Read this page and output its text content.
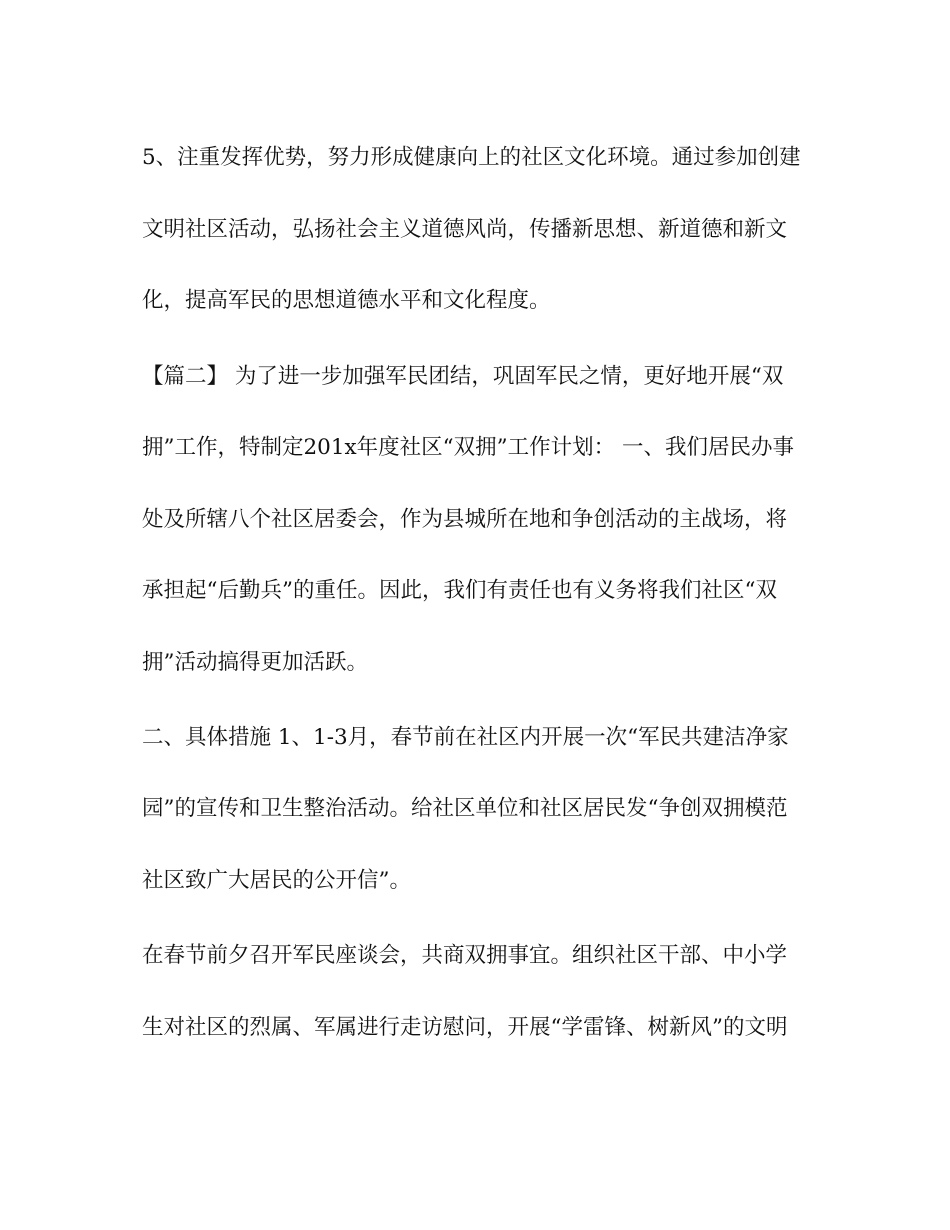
5、注重发挥优势，努力形成健康向上的社区文化环境。通过参加创建
文明社区活动，弘扬社会主义道德风尚，传播新思想、新道德和新文
化，提高军民的思想道德水平和文化程度。
【篇二】 为了进一步加强军民团结，巩固军民之情，更好地开展“双
拥”工作，特制定201x年度社区“双拥”工作计划： 一、我们居民办事
处及所辖八个社区居委会，作为县城所在地和争创活动的主战场，将
承担起“后勤兵”的重任。因此，我们有责任也有义务将我们社区“双
拥”活动搞得更加活跃。
二、具体措施 1、1-3月，春节前在社区内开展一次“军民共建洁净家
园”的宣传和卫生整治活动。给社区单位和社区居民发“争创双拥模范
社区致广大居民的公开信”。
在春节前夕召开军民座谈会，共商双拥事宜。组织社区干部、中小学
生对社区的烈属、军属进行走访慰问，开展“学雷锋、树新风”的文明
